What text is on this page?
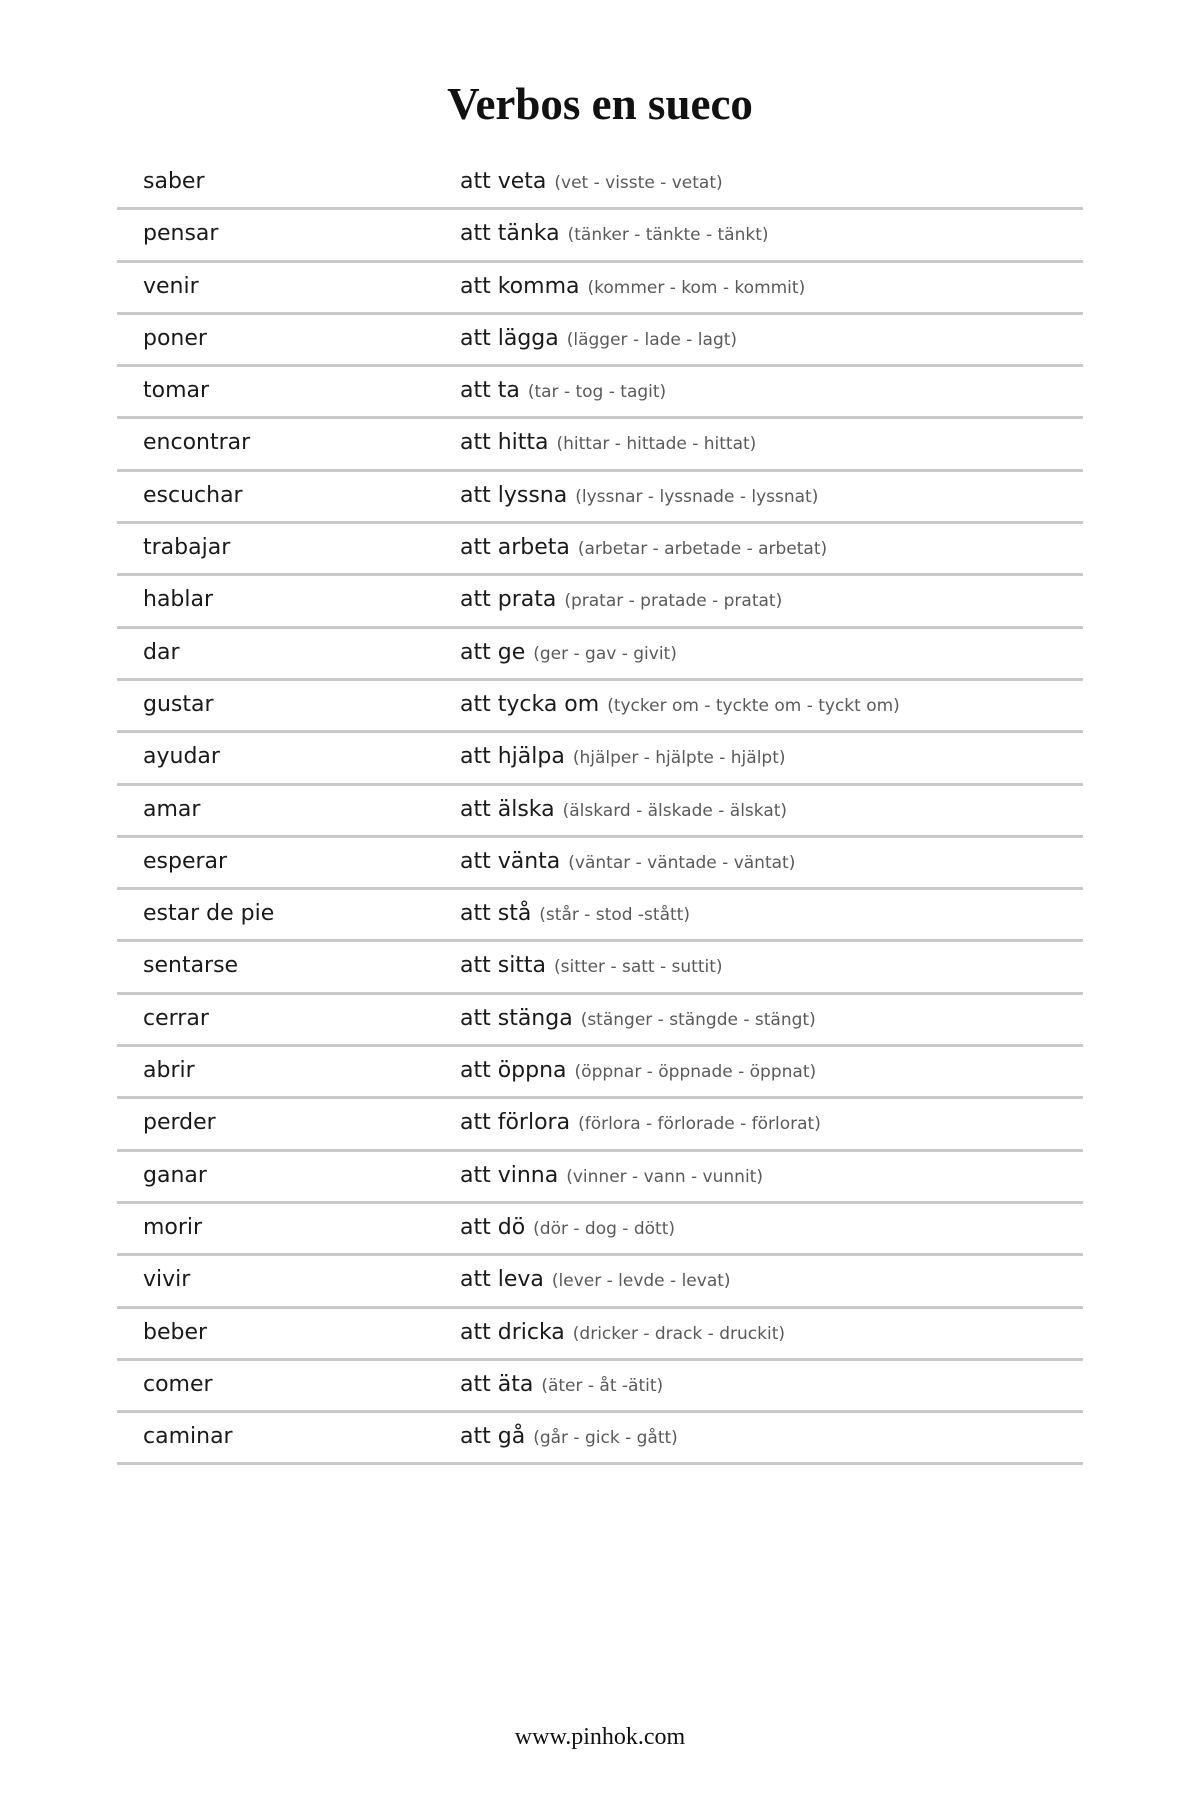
Verbos en sueco
saber	att veta (vet - visste - vetat)
pensar	att tänka (tänker - tänkte - tänkt)
venir	att komma (kommer - kom - kommit)
poner	att lägga (lägger - lade - lagt)
tomar	att ta (tar - tog - tagit)
encontrar	att hitta (hittar - hittade - hittat)
escuchar	att lyssna (lyssnar - lyssnade - lyssnat)
trabajar	att arbeta (arbetar - arbetade - arbetat)
hablar	att prata (pratar - pratade - pratat)
dar	att ge (ger - gav - givit)
gustar	att tycka om (tycker om - tyckte om - tyckt om)
ayudar	att hjälpa (hjälper - hjälpte - hjälpt)
amar	att älska (älskard - älskade - älskat)
esperar	att vänta (väntar - väntade - väntat)
estar de pie	att stå (står - stod -stått)
sentarse	att sitta (sitter - satt - suttit)
cerrar	att stänga (stänger - stängde - stängt)
abrir	att öppna (öppnar - öppnade - öppnat)
perder	att förlora (förlora - förlorade - förlorat)
ganar	att vinna (vinner - vann - vunnit)
morir	att dö (dör - dog - dött)
vivir	att leva (lever - levde - levat)
beber	att dricka (dricker - drack - druckit)
comer	att äta (äter - åt -ätit)
caminar	att gå (går - gick - gått)
www.pinhok.com
